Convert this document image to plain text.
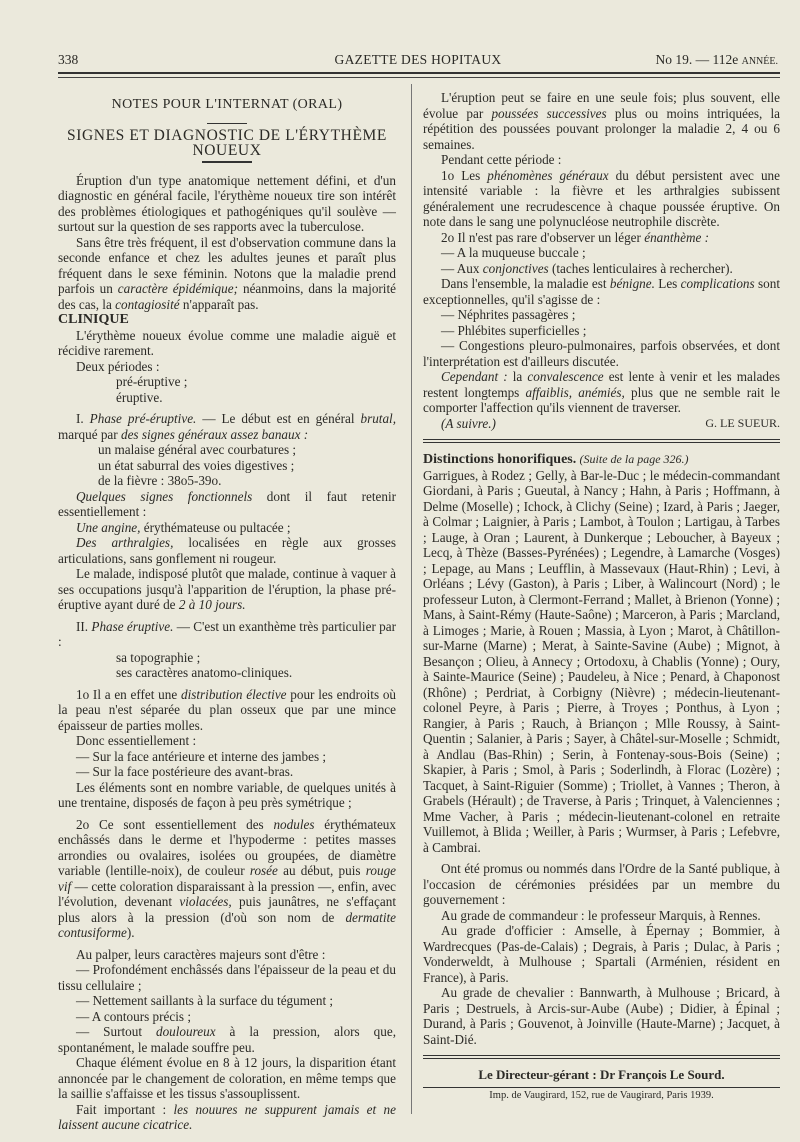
338	GAZETTE DES HOPITAUX	No 19. — 112e ANNÉE.

NOTES POUR L'INTERNAT (ORAL)

SIGNES ET DIAGNOSTIC DE L'ÉRYTHÈME NOUEUX

Éruption d'un type anatomique nettement défini, et d'un diagnostic en général facile, l'érythème noueux tire son intérêt des problèmes étiologiques et pathogéniques qu'il soulève — surtout sur la question de ses rapports avec la tuberculose.

Sans être très fréquent, il est d'observation commune dans la seconde enfance et chez les adultes jeunes et paraît plus fréquent dans le sexe féminin. Notons que la maladie prend parfois un caractère épidémique; néanmoins, dans la majorité des cas, la contagiosité n'apparaît pas.

CLINIQUE

L'érythème noueux évolue comme une maladie aiguë et récidive rarement.

Deux périodes :

pré-éruptive ;

éruptive.

I. Phase pré-éruptive. — Le début est en général brutal, marqué par des signes généraux assez banaux :

un malaise général avec courbatures ;

un état saburral des voies digestives ;

de la fièvre : 38o5-39o.

Quelques signes fonctionnels dont il faut retenir essentiellement :

Une angine, érythémateuse ou pultacée ;

Des arthralgies, localisées en règle aux grosses articulations, sans gonflement ni rougeur.

Le malade, indisposé plutôt que malade, continue à vaquer à ses occupations jusqu'à l'apparition de l'éruption, la phase pré-éruptive ayant duré de 2 à 10 jours.

II. Phase éruptive. — C'est un exanthème très particulier par :

sa topographie ;

ses caractères anatomo-cliniques.

1o Il a en effet une distribution élective pour les endroits où la peau n'est séparée du plan osseux que par une mince épaisseur de parties molles.

Donc essentiellement :

— Sur la face antérieure et interne des jambes ;

— Sur la face postérieure des avant-bras.

Les éléments sont en nombre variable, de quelques unités à une trentaine, disposés de façon à peu près symétrique ;

2o Ce sont essentiellement des nodules érythémateux enchâssés dans le derme et l'hypoderme : petites masses arrondies ou ovalaires, isolées ou groupées, de diamètre variable (lentille-noix), de couleur rosée au début, puis rouge vif — cette coloration disparaissant à la pression —, enfin, avec l'évolution, devenant violacées, puis jaunâtres, ne s'effaçant plus alors à la pression (d'où son nom de dermatite contusiforme).

Au palper, leurs caractères majeurs sont d'être :

— Profondément enchâssés dans l'épaisseur de la peau et du tissu cellulaire ;

— Nettement saillants à la surface du tégument ;

— A contours précis ;

— Surtout douloureux à la pression, alors que, spontanément, le malade souffre peu.

Chaque élément évolue en 8 à 12 jours, la disparition étant annoncée par le changement de coloration, en même temps que la saillie s'affaisse et les tissus s'assouplissent.

Fait important : les nouures ne suppurent jamais et ne laissent aucune cicatrice.

L'éruption peut se faire en une seule fois; plus souvent, elle évolue par poussées successives plus ou moins intriquées, la répétition des poussées pouvant prolonger la maladie 2, 4 ou 6 semaines.

Pendant cette période :

1o Les phénomènes généraux du début persistent avec une intensité variable : la fièvre et les arthralgies subissent généralement une recrudescence à chaque poussée éruptive. On note dans le sang une polynucléose neutrophile discrète.

2o Il n'est pas rare d'observer un léger énanthème :

— A la muqueuse buccale ;

— Aux conjonctives (taches lenticulaires à rechercher).

Dans l'ensemble, la maladie est bénigne. Les complications sont exceptionnelles, qu'il s'agisse de :

— Néphrites passagères ;

— Phlébites superficielles ;

— Congestions pleuro-pulmonaires, parfois observées, et dont l'interprétation est d'ailleurs discutée.

Cependant : la convalescence est lente à venir et les malades restent longtemps affaiblis, anémiés, plus que ne semble rait le comporter l'affection qu'ils viennent de traverser.

(A suivre.)	G. LE SUEUR.

Distinctions honorifiques. (Suite de la page 326.)

Garrigues, à Rodez ; Gelly, à Bar-le-Duc ; le médecin-commandant Giordani, à Paris ; Gueutal, à Nancy ; Hahn, à Paris ; Hoffmann, à Delme (Moselle) ; Ichock, à Clichy (Seine) ; Izard, à Paris ; Jaeger, à Colmar ; Laignier, à Paris ; Lambot, à Toulon ; Lartigau, à Tarbes ; Lauge, à Oran ; Laurent, à Dunkerque ; Leboucher, à Bayeux ; Lecq, à Thèze (Basses-Pyrénées) ; Legendre, à Lamarche (Vosges) ; Lepage, au Mans ; Leufflin, à Massevaux (Haut-Rhin) ; Levi, à Orléans ; Lévy (Gaston), à Paris ; Liber, à Walincourt (Nord) ; le professeur Luton, à Clermont-Ferrand ; Mallet, à Brienon (Yonne) ; Mans, à Saint-Rémy (Haute-Saône) ; Marceron, à Paris ; Marcland, à Limoges ; Marie, à Rouen ; Massia, à Lyon ; Marot, à Châtillon-sur-Marne (Marne) ; Merat, à Sainte-Savine (Aube) ; Mignot, à Besançon ; Olieu, à Annecy ; Ortodoxu, à Chablis (Yonne) ; Oury, à Sainte-Maurice (Seine) ; Paudeleu, à Nice ; Penard, à Chaponost (Rhône) ; Perdriat, à Corbigny (Nièvre) ; médecin-lieutenant-colonel Peyre, à Paris ; Pierre, à Troyes ; Ponthus, à Lyon ; Rangier, à Paris ; Rauch, à Briançon ; Mlle Roussy, à Saint-Quentin ; Salanier, à Paris ; Sayer, à Châtel-sur-Moselle ; Schmidt, à Andlau (Bas-Rhin) ; Serin, à Fontenay-sous-Bois (Seine) ; Skapier, à Paris ; Smol, à Paris ; Soderlindh, à Florac (Lozère) ; Tacquet, à Saint-Riguier (Somme) ; Triollet, à Vannes ; Theron, à Grabels (Hérault) ; de Traverse, à Paris ; Trinquet, à Valenciennes ; Mme Vacher, à Paris ; médecin-lieutenant-colonel en retraite Vuillemot, à Blida ; Weiller, à Paris ; Wurmser, à Paris ; Lefebvre, à Cambrai.

Ont été promus ou nommés dans l'Ordre de la Santé publique, à l'occasion de cérémonies présidées par un membre du gouvernement :

Au grade de commandeur : le professeur Marquis, à Rennes.

Au grade d'officier : Amselle, à Épernay ; Bommier, à Wardrecques (Pas-de-Calais) ; Degrais, à Paris ; Dulac, à Paris ; Vonderweldt, à Mulhouse ; Spartali (Arménien, résident en France), à Paris.

Au grade de chevalier : Bannwarth, à Mulhouse ; Bricard, à Paris ; Destruels, à Arcis-sur-Aube (Aube) ; Didier, à Épinal ; Durand, à Paris ; Gouvenot, à Joinville (Haute-Marne) ; Jacquet, à Saint-Dié.

Le Directeur-gérant : Dr François Le Sourd.

Imp. de Vaugirard, 152, rue de Vaugirard, Paris 1939.
